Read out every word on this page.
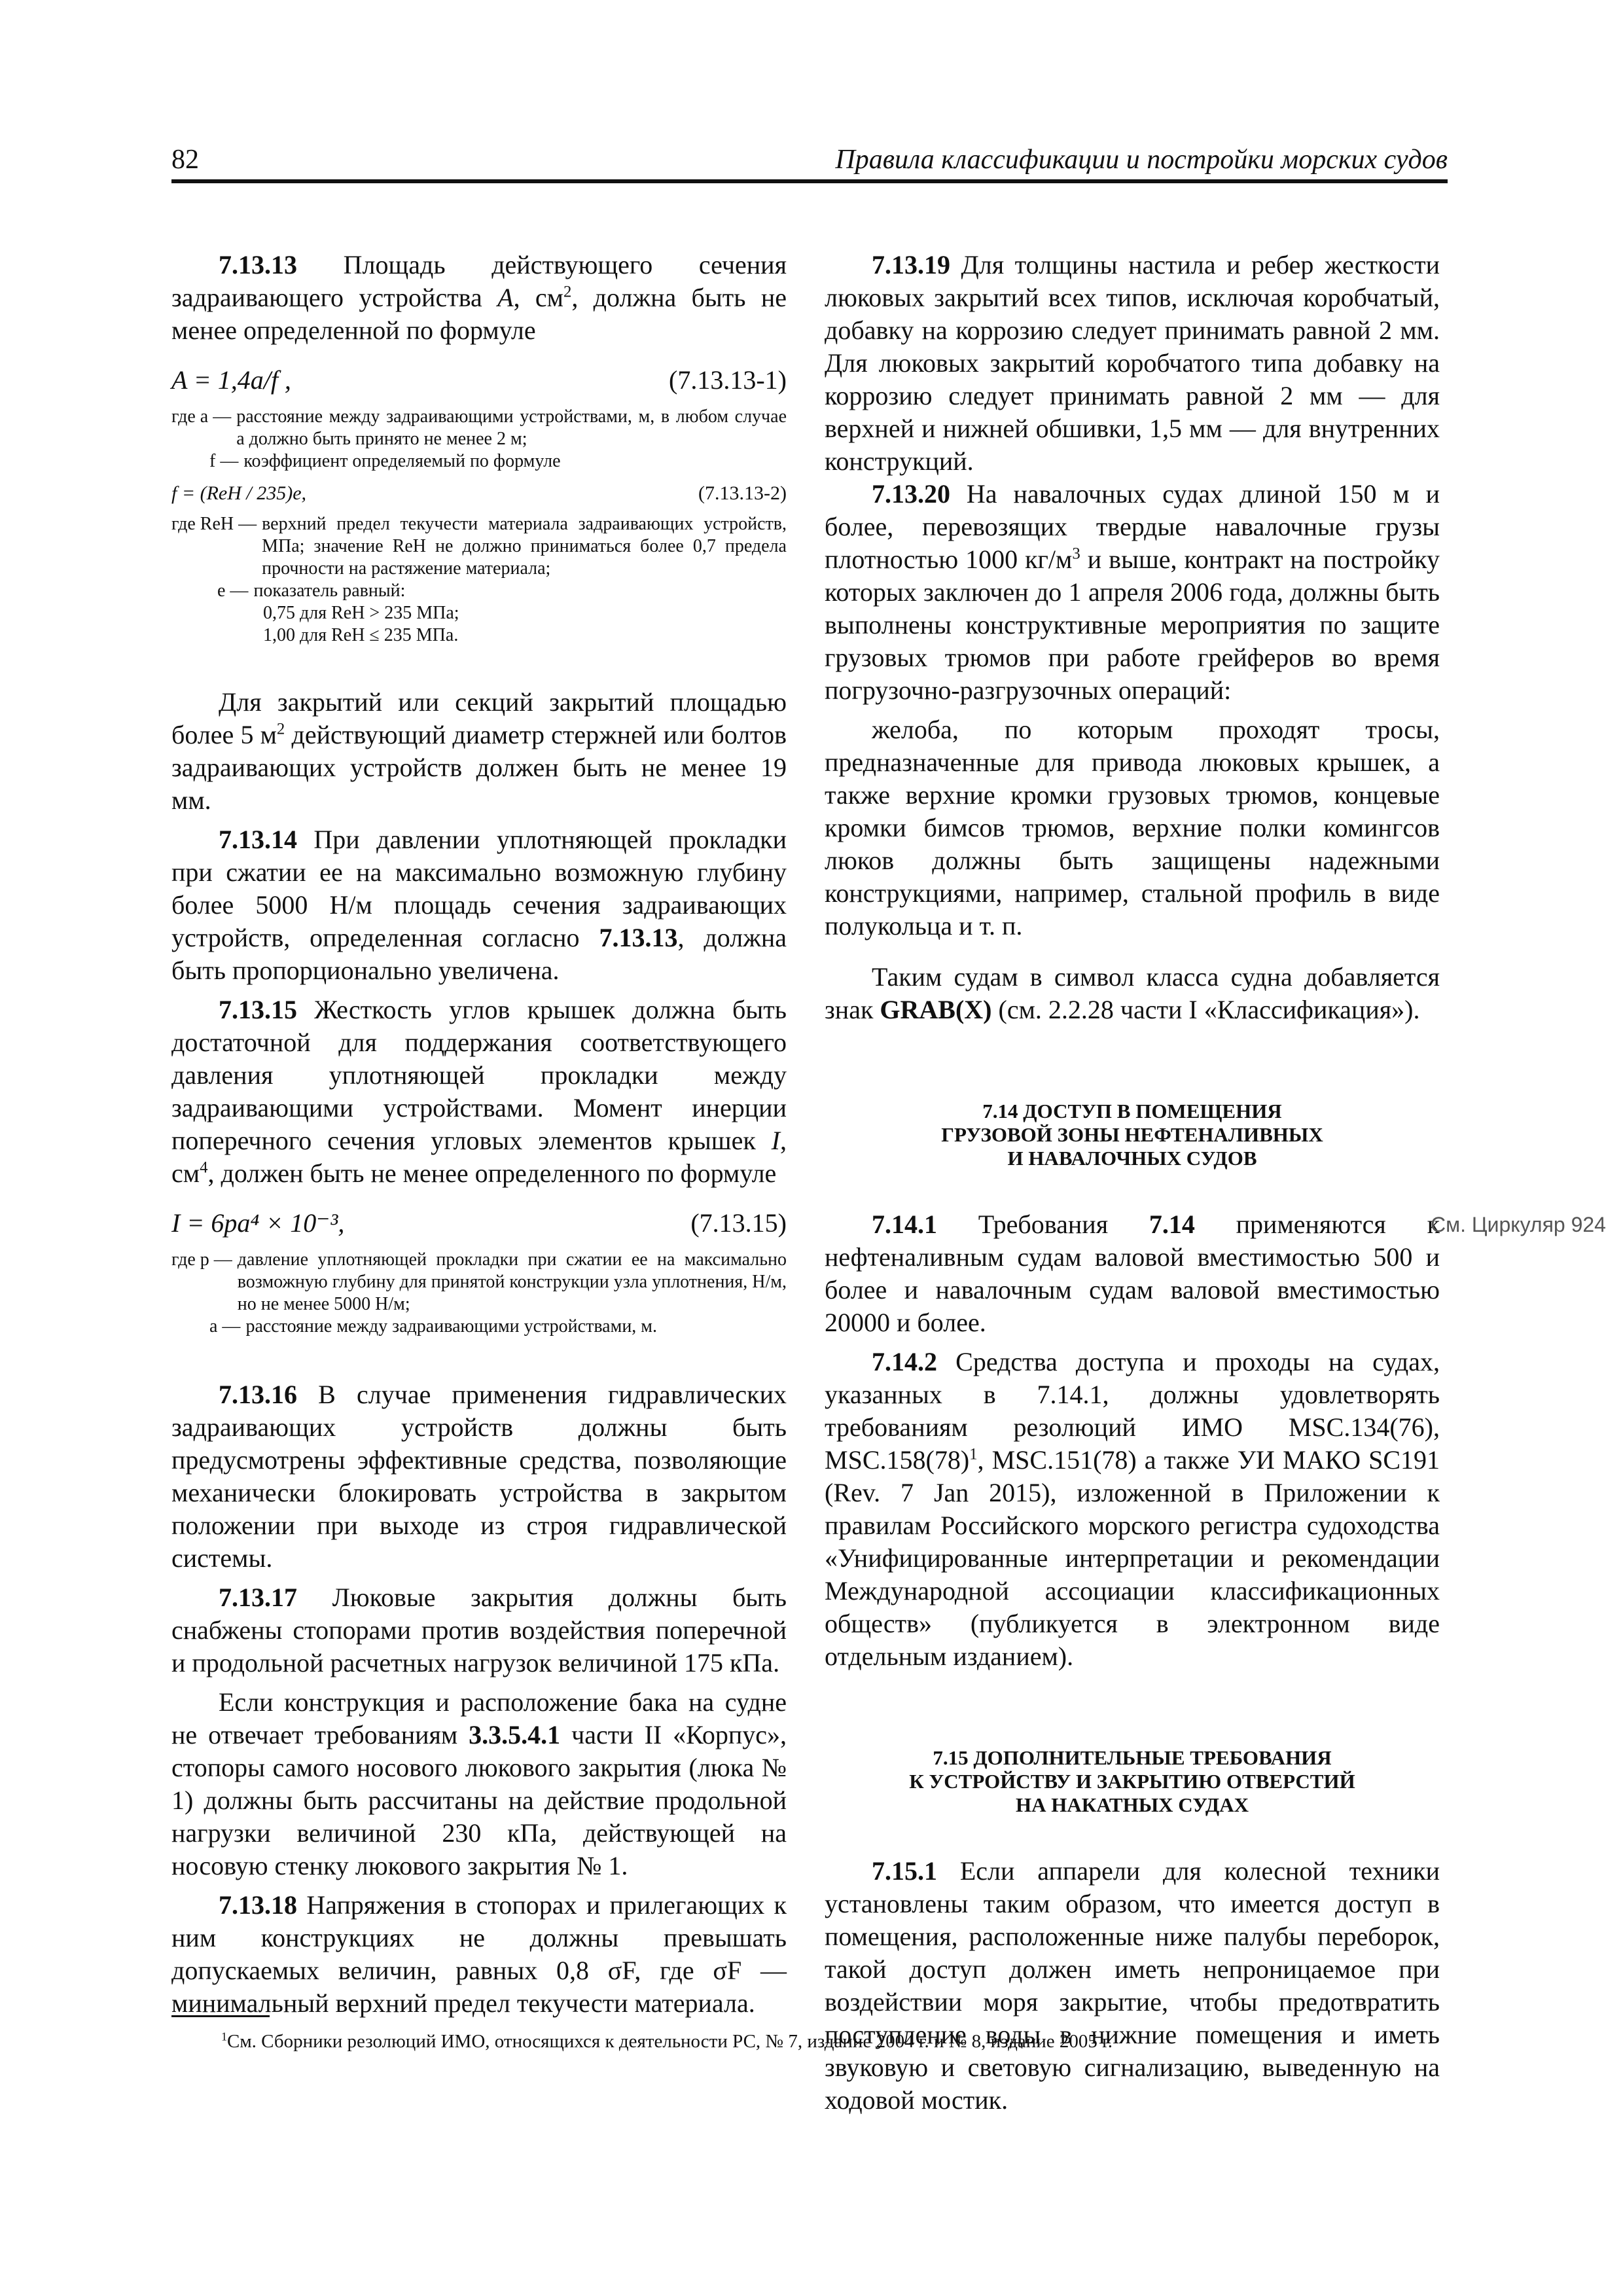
82	Правила классификации и постройки морских судов

7.13.13 Площадь действующего сечения задраивающего устройства A, $см^2$, должна быть не менее определенной по формуле

A = 1,4a/f ,	(7.13.13-1)
где a — расстояние между задраивающими устройствами, м, в любом случае a должно быть принято не менее 2 м;
f — коэффициент определяемый по формуле
f = (ReH / 235)e,	(7.13.13-2)
где ReH — верхний предел текучести материала задраивающих устройств, МПа; значение ReH не должно приниматься более 0,7 предела прочности на растяжение материала;
e — показатель равный:
0,75 для ReH > 235 МПа;
1,00 для ReH ≤ 235 МПа.

Для закрытий или секций закрытий площадью более 5 $м^2$ действующий диаметр стержней или болтов задраивающих устройств должен быть не менее 19 мм.

7.13.14 При давлении уплотняющей прокладки при сжатии ее на максимально возможную глубину более 5000 Н/м площадь сечения задраивающих устройств, определенная согласно 7.13.13, должна быть пропорционально увеличена.

7.13.15 Жесткость углов крышек должна быть достаточной для поддержания соответствующего давления уплотняющей прокладки между задраивающими устройствами. Момент инерции поперечного сечения угловых элементов крышек I, $см^4$, должен быть не менее определенного по формуле

I = 6pa⁴ × 10⁻³,	(7.13.15)
где p — давление уплотняющей прокладки при сжатии ее на максимально возможную глубину для принятой конструкции узла уплотнения, Н/м, но не менее 5000 Н/м;
a — расстояние между задраивающими устройствами, м.

7.13.16 В случае применения гидравлических задраивающих устройств должны быть предусмотрены эффективные средства, позволяющие механически блокировать устройства в закрытом положении при выходе из строя гидравлической системы.

7.13.17 Люковые закрытия должны быть снабжены стопорами против воздействия поперечной и продольной расчетных нагрузок величиной 175 кПа.

Если конструкция и расположение бака на судне не отвечает требованиям 3.3.5.4.1 части II «Корпус», стопоры самого носового люкового закрытия (люка № 1) должны быть рассчитаны на действие продольной нагрузки величиной 230 кПа, действующей на носовую стенку люкового закрытия № 1.

7.13.18 Напряжения в стопорах и прилегающих к ним конструкциях не должны превышать допускаемых величин, равных 0,8 σF, где σF — минимальный верхний предел текучести материала.

7.13.19 Для толщины настила и ребер жесткости люковых закрытий всех типов, исключая коробчатый, добавку на коррозию следует принимать равной 2 мм. Для люковых закрытий коробчатого типа добавку на коррозию следует принимать равной 2 мм — для верхней и нижней обшивки, 1,5 мм — для внутренних конструкций.

7.13.20 На навалочных судах длиной 150 м и более, перевозящих твердые навалочные грузы плотностью 1000 $кг/м^3$ и выше, контракт на постройку которых заключен до 1 апреля 2006 года, должны быть выполнены конструктивные мероприятия по защите грузовых трюмов при работе грейферов во время погрузочно-разгрузочных операций:

желоба, по которым проходят тросы, предназначенные для привода люковых крышек, а также верхние кромки грузовых трюмов, концевые кромки бимсов трюмов, верхние полки комингсов люков должны быть защищены надежными конструкциями, например, стальной профиль в виде полукольца и т. п.

Таким судам в символ класса судна добавляется знак GRAB(X) (см. 2.2.28 части I «Классификация»).

7.14 ДОСТУП В ПОМЕЩЕНИЯ
ГРУЗОВОЙ ЗОНЫ НЕФТЕНАЛИВНЫХ
И НАВАЛОЧНЫХ СУДОВ

7.14.1 Требования 7.14 применяются к нефтеналивным судам валовой вместимостью 500 и более и навалочным судам валовой вместимостью 20000 и более.

7.14.2 Средства доступа и проходы на судах, указанных в 7.14.1, должны удовлетворять требованиям резолюций ИМО MSC.134(76), $MSC.158(78)^1$, MSC.151(78) а также УИ МАКО SC191 (Rev. 7 Jan 2015), изложенной в Приложении к правилам Российского морского регистра судоходства «Унифицированные интерпретации и рекомендации Международной ассоциации классификационных обществ» (публикуется в электронном виде отдельным изданием).

7.15 ДОПОЛНИТЕЛЬНЫЕ ТРЕБОВАНИЯ
К УСТРОЙСТВУ И ЗАКРЫТИЮ ОТВЕРСТИЙ
НА НАКАТНЫХ СУДАХ

7.15.1 Если аппарели для колесной техники установлены таким образом, что имеется доступ в помещения, расположенные ниже палубы переборок, такой доступ должен иметь непроницаемое при воздействии моря закрытие, чтобы предотвратить поступление воды в нижние помещения и иметь звуковую и световую сигнализацию, выведенную на ходовой мостик.

См. Циркуляр 924
$^1$См. Сборники резолюций ИМО, относящихся к деятельности РС, № 7, издание 2004 г. и № 8, издание 2005 г.
